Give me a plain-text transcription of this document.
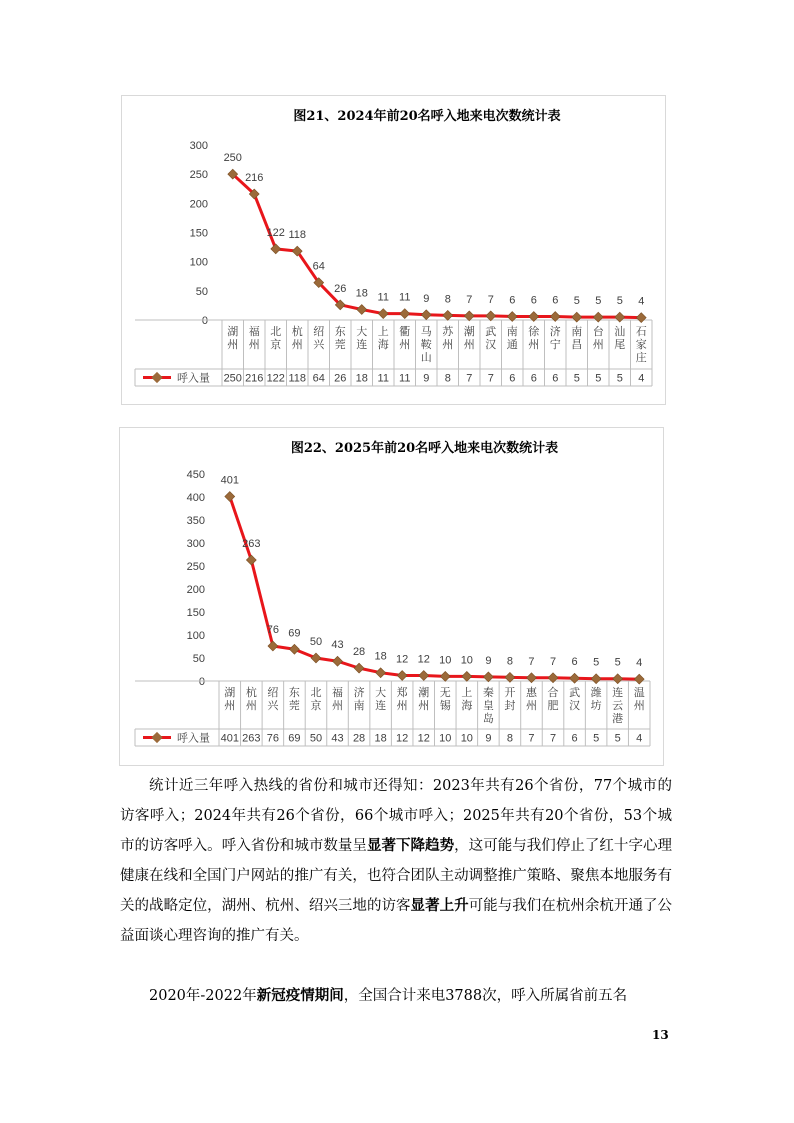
图21、2024年前20名呼入地来电次数统计表
0
50
100
150
200
250
300
湖州
福州
北京
杭州
绍兴
东莞
大连
上海
衢州
马鞍山
苏州
潮州
武汉
南通
徐州
济宁
南昌
台州
汕尾
石家庄
呼入量 250 216 122 118 64 26 18 11 11 9 8 7 7 6 6 6 5 5 5 4
250
216
122 118
64
26 18 11 11 9 8 7 7 6 6 6 5 5 5 4
图22、2025年前20名呼入地来电次数统计表
0
50
100
150
200
250
300
350
400
450
湖州
杭州
绍兴
东莞
北京
福州
济南
大连
郑州
潮州
无锡
上海
秦皇岛
开封
惠州
合肥
武汉
潍坊
连云港
温州
呼入量 401 263 76 69 50 43 28 18 12 12 10 10 9 8 7 7 6 5 5 4
401
263
76 69
50 43
28 18 12 12 10 10 9 8 7 7 6 5 5 4

统计近三年呼入热线的省份和城市还得知：2023年共有26个省份，77个城市的访客呼入；2024年共有26个省份，66个城市呼入；2025年共有20个省份，53个城市的访客呼入。呼入省份和城市数量呈显著下降趋势，这可能与我们停止了红十字心理健康在线和全国门户网站的推广有关，也符合团队主动调整推广策略、聚焦本地服务有关的战略定位，湖州、杭州、绍兴三地的访客显著上升可能与我们在杭州余杭开通了公益面谈心理咨询的推广有关。

2020年-2022年新冠疫情期间，全国合计来电3788次，呼入所属省前五名

13
